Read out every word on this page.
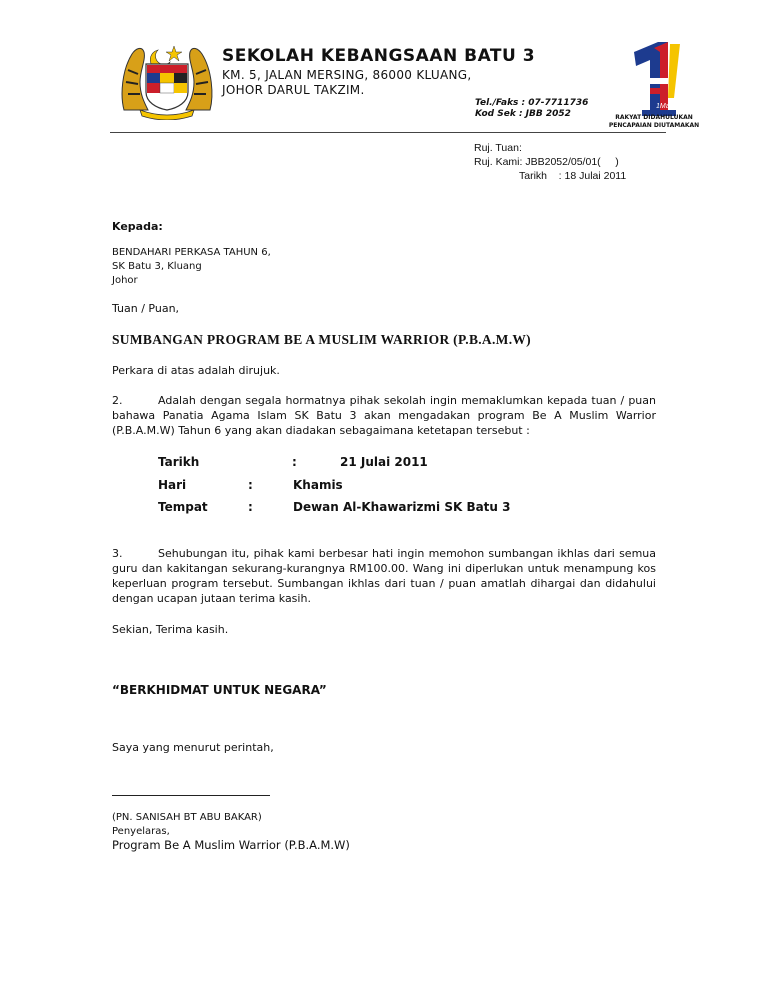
SEKOLAH KEBANGSAAN BATU 3
KM. 5, JALAN MERSING, 86000 KLUANG,
JOHOR DARUL TAKZIM.
Tel./Faks : 07-7711736
Kod Sek : JBB 2052
1Malaysia
RAKYAT DIDAHULUKAN
PENCAPAIAN DIUTAMAKAN
Ruj. Tuan:
Ruj. Kami: JBB2052/05/01(     )
Tarikh    : 18 Julai 2011
Kepada:
BENDAHARI PERKASA TAHUN 6,
SK Batu 3, Kluang
Johor
Tuan / Puan,
SUMBANGAN PROGRAM BE A MUSLIM WARRIOR (P.B.A.M.W)
Perkara di atas adalah dirujuk.
2.	Adalah dengan segala hormatnya pihak sekolah ingin memaklumkan kepada tuan / puan bahawa Panatia Agama Islam SK Batu 3 akan mengadakan program Be A Muslim Warrior (P.B.A.M.W) Tahun 6 yang akan diadakan sebagaimana ketetapan tersebut :
Tarikh	:	21 Julai 2011
Hari	:	Khamis
Tempat	:	Dewan Al-Khawarizmi SK Batu 3
3.	Sehubungan itu, pihak kami berbesar hati ingin memohon sumbangan ikhlas dari semua guru dan kakitangan sekurang-kurangnya RM100.00. Wang ini diperlukan untuk menampung kos keperluan program tersebut. Sumbangan ikhlas dari tuan / puan amatlah dihargai dan didahului dengan ucapan jutaan terima kasih.
Sekian, Terima kasih.
“BERKHIDMAT UNTUK NEGARA”
Saya yang menurut perintah,
(PN. SANISAH BT ABU BAKAR)
Penyelaras,
Program Be A Muslim Warrior (P.B.A.M.W)
